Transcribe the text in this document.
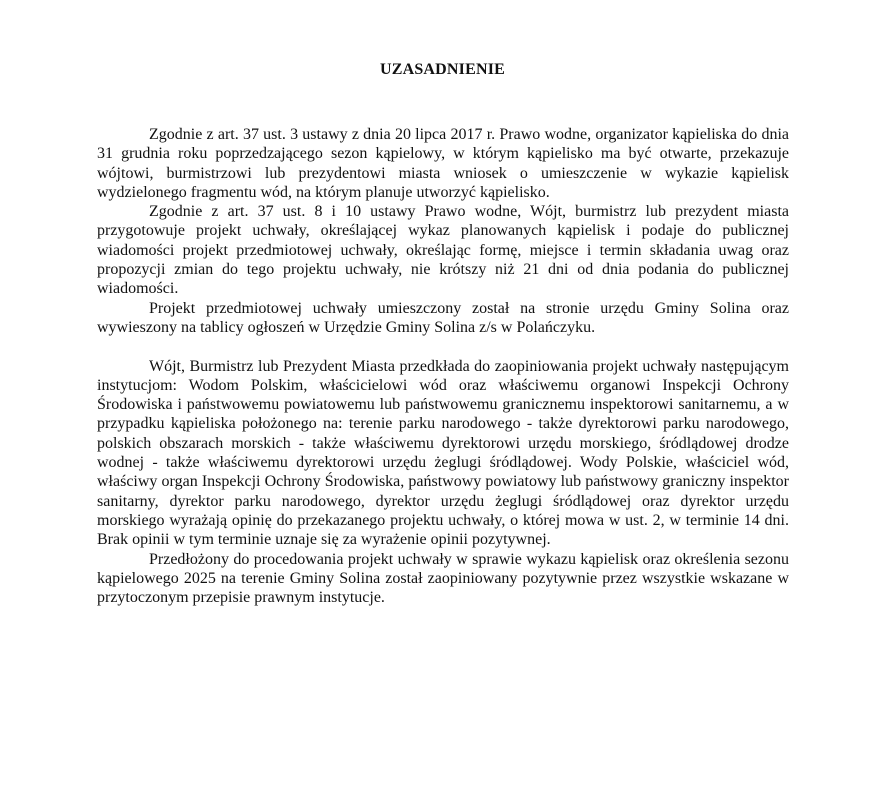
UZASADNIENIE

Zgodnie z art. 37 ust. 3 ustawy z dnia 20 lipca 2017 r. Prawo wodne, organizator kąpieliska do dnia 31 grudnia roku poprzedzającego sezon kąpielowy, w którym kąpielisko ma być otwarte, przekazuje wójtowi, burmistrzowi lub prezydentowi miasta wniosek o umieszczenie w wykazie kąpielisk wydzielonego fragmentu wód, na którym planuje utworzyć kąpielisko.

Zgodnie z art. 37 ust. 8 i 10 ustawy Prawo wodne, Wójt, burmistrz lub prezydent miasta przygotowuje projekt uchwały, określającej wykaz planowanych kąpielisk i podaje do publicznej wiadomości projekt przedmiotowej uchwały, określając formę, miejsce i termin składania uwag oraz propozycji zmian do tego projektu uchwały, nie krótszy niż 21 dni od dnia podania do publicznej wiadomości.

Projekt przedmiotowej uchwały umieszczony został na stronie urzędu Gminy Solina oraz wywieszony na tablicy ogłoszeń w Urzędzie Gminy Solina z/s w Polańczyku.

Wójt, Burmistrz lub Prezydent Miasta przedkłada do zaopiniowania projekt uchwały następującym instytucjom: Wodom Polskim, właścicielowi wód oraz właściwemu organowi Inspekcji Ochrony Środowiska i państwowemu powiatowemu lub państwowemu granicznemu inspektorowi sanitarnemu, a w przypadku kąpieliska położonego na: terenie parku narodowego - także dyrektorowi parku narodowego, polskich obszarach morskich - także właściwemu dyrektorowi urzędu morskiego, śródlądowej drodze wodnej - także właściwemu dyrektorowi urzędu żeglugi śródlądowej. Wody Polskie, właściciel wód, właściwy organ Inspekcji Ochrony Środowiska, państwowy powiatowy lub państwowy graniczny inspektor sanitarny, dyrektor parku narodowego, dyrektor urzędu żeglugi śródlądowej oraz dyrektor urzędu morskiego wyrażają opinię do przekazanego projektu uchwały, o której mowa w ust. 2, w terminie 14 dni. Brak opinii w tym terminie uznaje się za wyrażenie opinii pozytywnej.

Przedłożony do procedowania projekt uchwały w sprawie wykazu kąpielisk oraz określenia sezonu kąpielowego 2025 na terenie Gminy Solina został zaopiniowany pozytywnie przez wszystkie wskazane w przytoczonym przepisie prawnym instytucje.
